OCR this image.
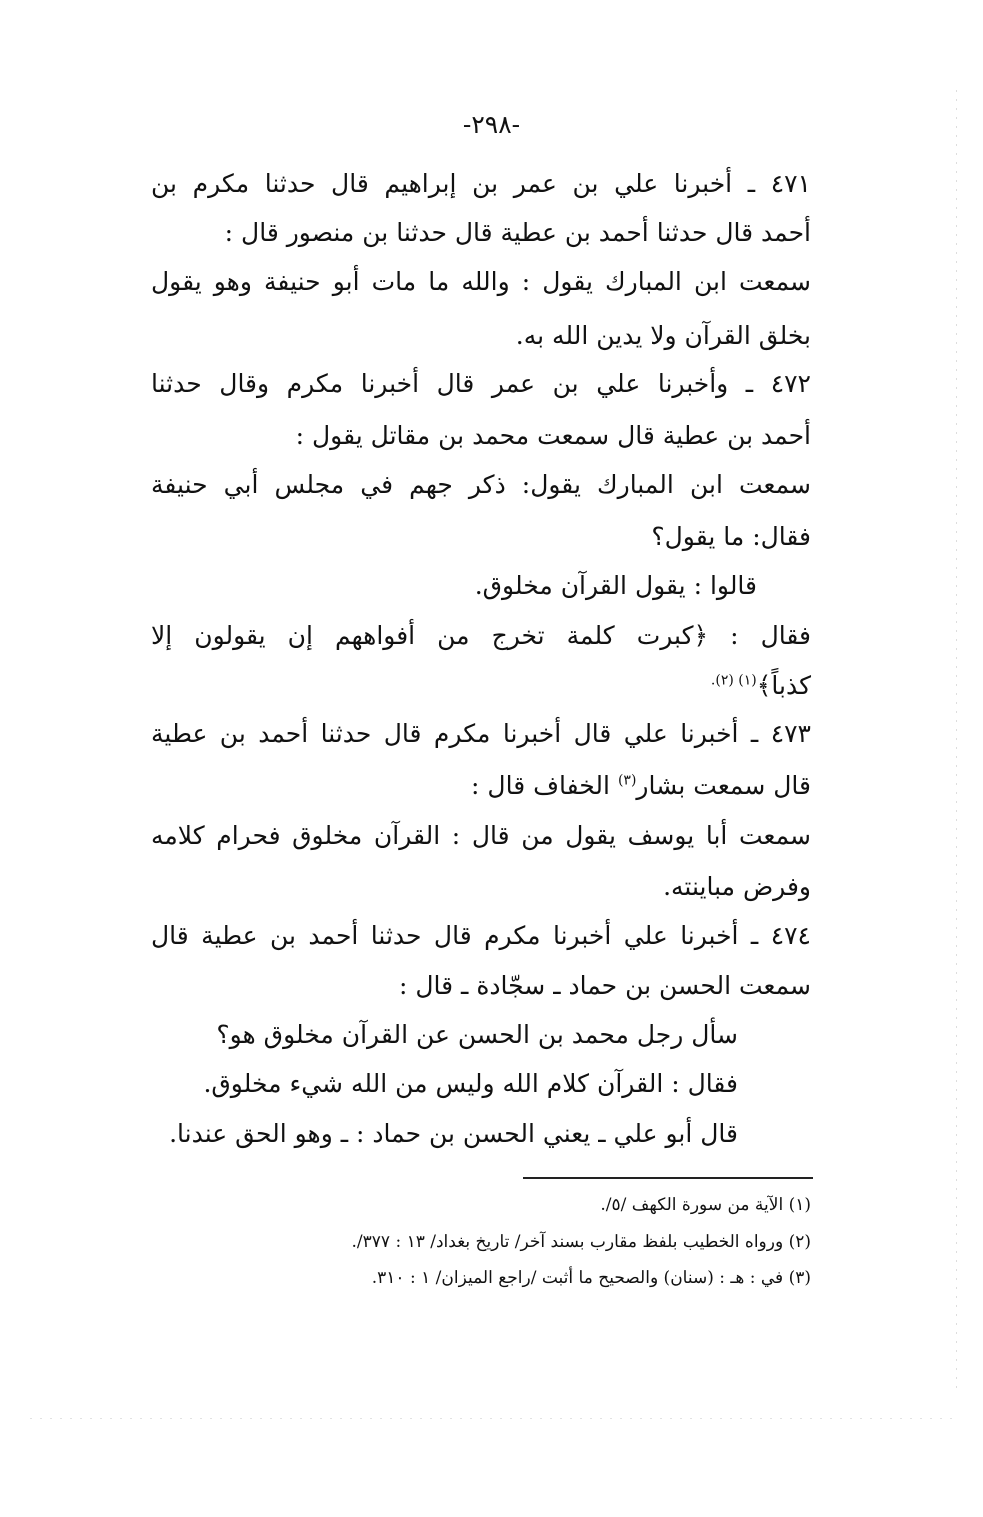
-٢٩٨-
٤٧١ ـ أخبرنا علي بن عمر بن إبراهيم قال حدثنا مكرم بن
أحمد قال حدثنا أحمد بن عطية قال حدثنا بن منصور قال :
سمعت ابن المبارك يقول : والله ما مات أبو حنيفة وهو يقول
بخلق القرآن ولا يدين الله به.
٤٧٢ ـ وأخبرنا علي بن عمر قال أخبرنا مكرم وقال حدثنا
أحمد بن عطية قال سمعت محمد بن مقاتل يقول :
سمعت ابن المبارك يقول: ذكر جهم في مجلس أبي حنيفة
فقال: ما يقول؟
قالوا : يقول القرآن مخلوق.
فقال : ﴿كبرت كلمة تخرج من أفواههم إن يقولون إلا
كذباً﴾$^{(١) (٢).}$
٤٧٣ ـ أخبرنا علي قال أخبرنا مكرم قال حدثنا أحمد بن عطية
قال سمعت بشار$^{(٣)}$ الخفاف قال :
سمعت أبا يوسف يقول من قال : القرآن مخلوق فحرام كلامه
وفرض مباينته.
٤٧٤ ـ أخبرنا علي أخبرنا مكرم قال حدثنا أحمد بن عطية قال
سمعت الحسن بن حماد ـ سجّادة ـ قال :
سأل رجل محمد بن الحسن عن القرآن مخلوق هو؟
فقال : القرآن كلام الله وليس من الله شيء مخلوق.
قال أبو علي ـ يعني الحسن بن حماد : ـ وهو الحق عندنا.
(١) الآية من سورة الكهف /٥/.
(٢) ورواه الخطيب بلفظ مقارب بسند آخر/ تاريخ بغداد/ ١٣ : ٣٧٧/.
(٣) في : هـ : (سنان) والصحيح ما أثبت /راجع الميزان/ ١ : ٣١٠.
